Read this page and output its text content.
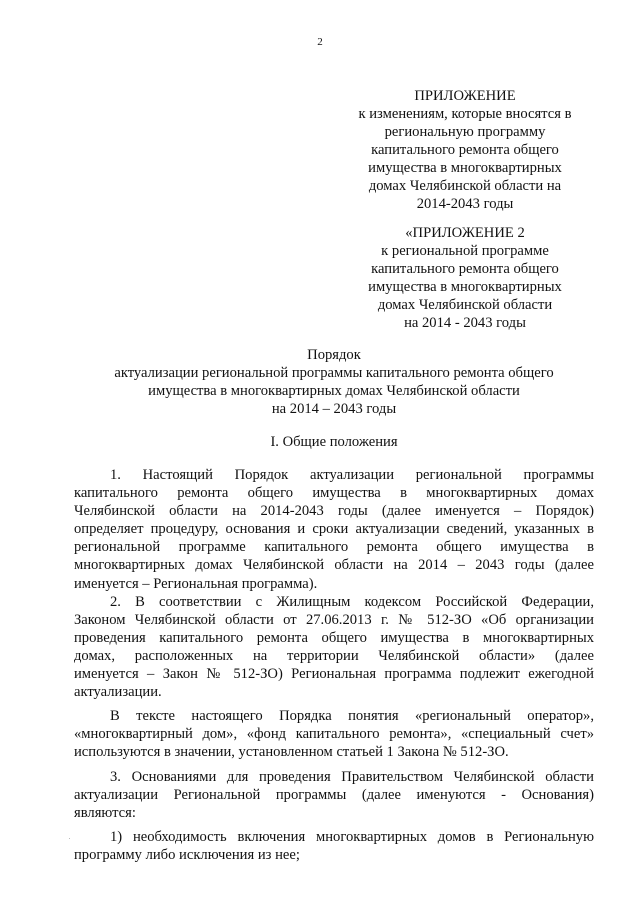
2
ПРИЛОЖЕНИЕ
к изменениям, которые вносятся в
региональную программу
капитального ремонта общего
имущества в многоквартирных
домах Челябинской области на
2014-2043 годы
«ПРИЛОЖЕНИЕ 2
к региональной программе
капитального ремонта общего
имущества в многоквартирных
домах Челябинской области
на 2014 - 2043 годы
Порядок
актуализации региональной программы капитального ремонта общего
имущества в многоквартирных домах Челябинской области
на 2014 – 2043 годы
I. Общие положения
1. Настоящий Порядок актуализации региональной программы
капитального ремонта общего имущества в многоквартирных домах
Челябинской области на 2014-2043 годы (далее именуется – Порядок)
определяет процедуру, основания и сроки актуализации сведений, указанных в
региональной программе капитального ремонта общего имущества в
многоквартирных домах Челябинской области на 2014 – 2043 годы (далее
именуется – Региональная программа).
2. В соответствии с Жилищным кодексом Российской Федерации,
Законом Челябинской области от 27.06.2013 г. № 512-ЗО «Об организации
проведения капитального ремонта общего имущества в многоквартирных
домах, расположенных на территории Челябинской области» (далее
именуется – Закон № 512-ЗО) Региональная программа подлежит ежегодной
актуализации.
В тексте настоящего Порядка понятия «региональный оператор»,
«многоквартирный дом», «фонд капитального ремонта», «специальный счет»
используются в значении, установленном статьей 1 Закона № 512-ЗО.
3. Основаниями для проведения Правительством Челябинской области
актуализации Региональной программы (далее именуются - Основания)
являются:
1) необходимость включения многоквартирных домов в Региональную
программу либо исключения из нее;
